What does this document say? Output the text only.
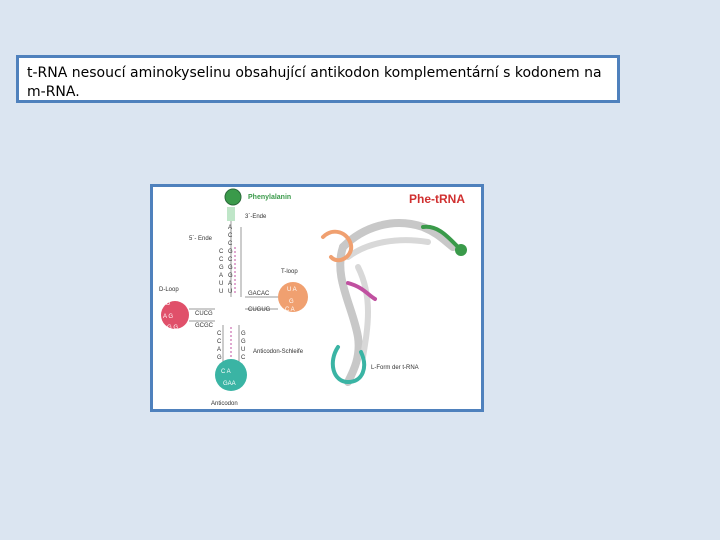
t-RNA nesoucí aminokyselinu obsahující antikodon komplementární s kodonem na m-RNA.
Phe-tRNA
Phenylalanin
3´-Ende
5´- Ende
A
C
C
C
C
G
A
U
U
G
C
G
G
A
U
CUCG
GCGC
D
A G
G G
D-Loop
GACAC
CUGUG
U A
G
C A
T-loop
C
C
A
G
G
G
U
C
C A
GAA
Anticodon-Schleife
Anticodon
L-Form der t-RNA
